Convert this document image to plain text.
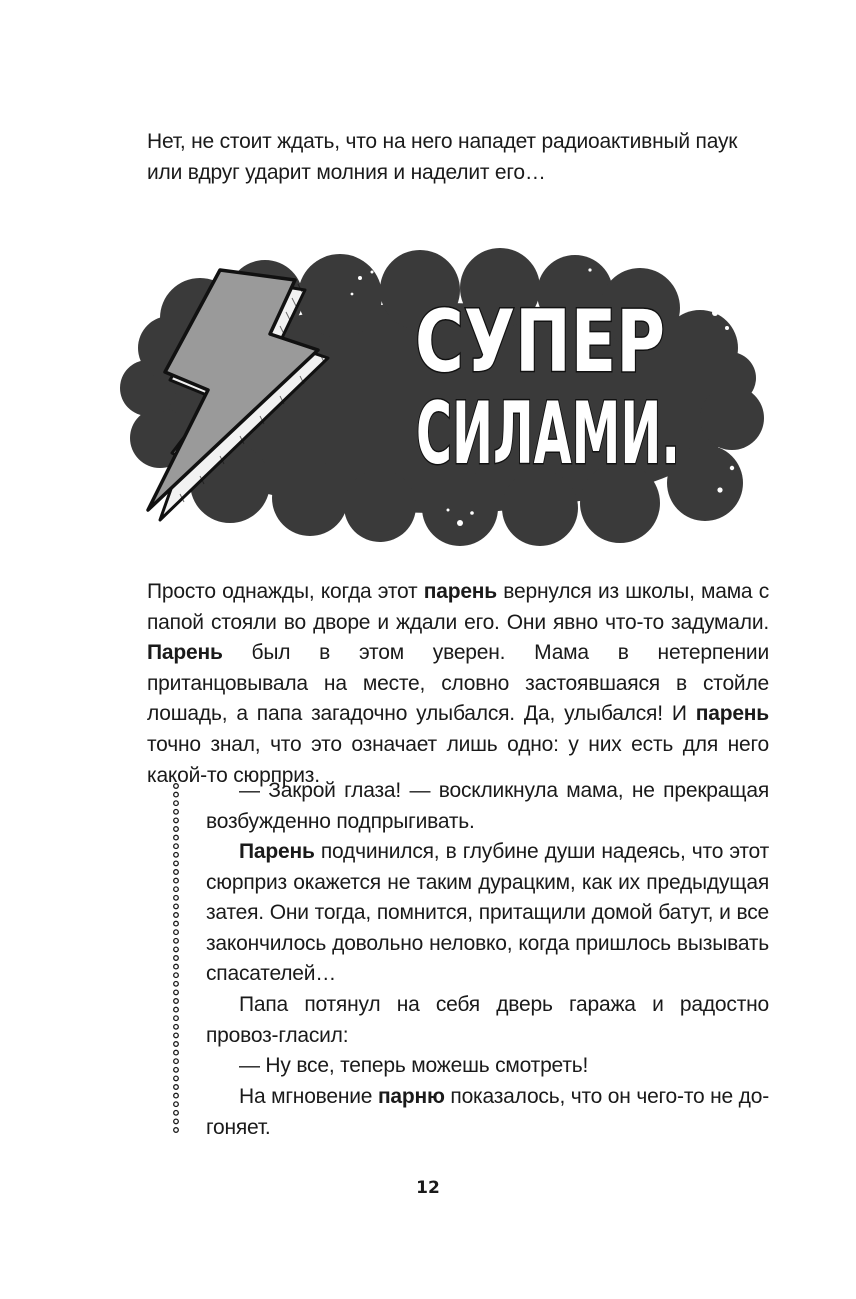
Нет, не стоит ждать, что на него нападет радиоактивный паук или вдруг ударит молния и наделит его…

СУПЕР
СИЛАМИ.

Просто однажды, когда этот парень вернулся из школы, мама с папой стояли во дворе и ждали его. Они явно что-то задумали. Парень был в этом уверен. Мама в нетерпении пританцовывала на месте, словно застоявшаяся в стойле лошадь, а папа загадочно улыбался. Да, улыбался! И парень точно знал, что это означает лишь одно: у них есть для него какой-то сюрприз.

— Закрой глаза! — воскликнула мама, не прекращая возбужденно подпрыгивать.

Парень подчинился, в глубине души надеясь, что этот сюрприз окажется не таким дурацким, как их предыдущая затея. Они тогда, помнится, притащили домой батут, и все закончилось довольно неловко, когда пришлось вызывать спасателей…

Папа потянул на себя дверь гаража и радостно провоз-гласил:

— Ну все, теперь можешь смотреть!

На мгновение парню показалось, что он чего-то не до-гоняет.

12
